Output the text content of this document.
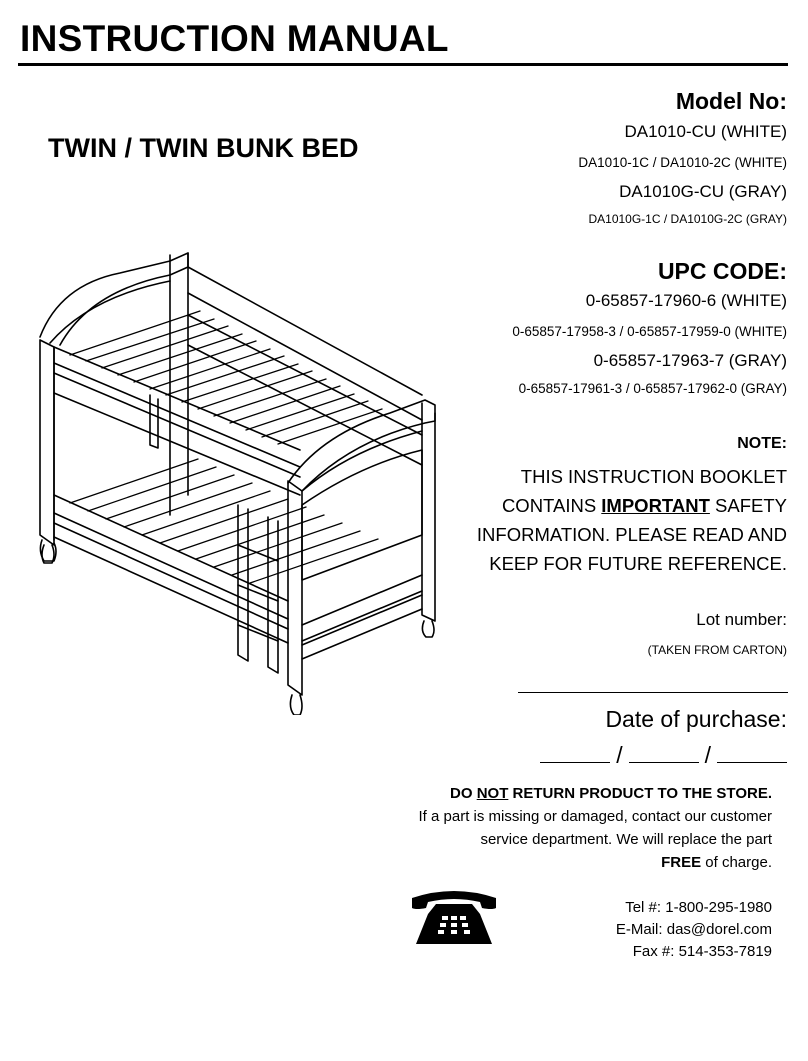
INSTRUCTION MANUAL
TWIN / TWIN BUNK BED
Model No:
DA1010-CU (WHITE)
DA1010-1C / DA1010-2C (WHITE)
DA1010G-CU (GRAY)
DA1010G-1C / DA1010G-2C (GRAY)
UPC CODE:
0-65857-17960-6 (WHITE)
0-65857-17958-3 / 0-65857-17959-0 (WHITE)
0-65857-17963-7 (GRAY)
0-65857-17961-3 / 0-65857-17962-0 (GRAY)
NOTE:
THIS INSTRUCTION BOOKLET
CONTAINS IMPORTANT SAFETY
INFORMATION. PLEASE READ AND
KEEP FOR FUTURE REFERENCE.
Lot number:
(TAKEN FROM CARTON)
Date of purchase:
/	/
DO NOT RETURN PRODUCT TO THE STORE.
If a part is missing or damaged, contact our customer
service department. We will replace the part
FREE of charge.
Tel #: 1-800-295-1980
E-Mail: das@dorel.com
Fax #: 514-353-7819
